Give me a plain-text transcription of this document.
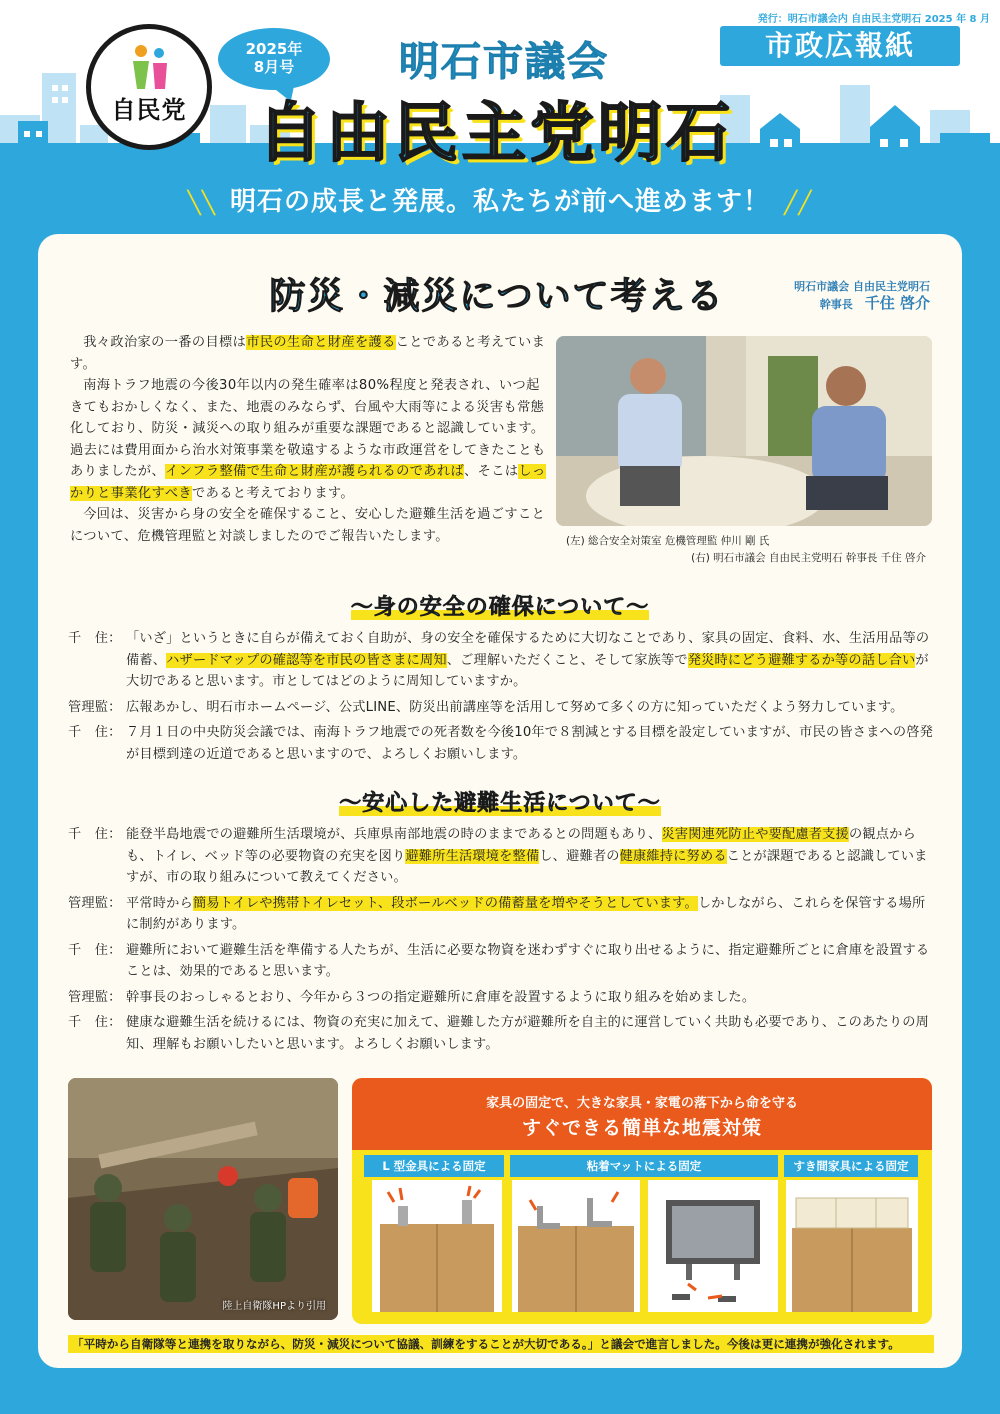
自民党
2025年
8月号	明石市議会
自由民主党明石
発行：明石市議会内 自由民主党明石 2025 年 8 月
市政広報紙
╲╲ 明石の成長と発展。私たちが前へ進めます！ ╱╱
防災・減災について考える	明石市議会 自由民主党明石
幹事長 千住 啓介

我々政治家の一番の目標は市民の生命と財産を護ることであると考えています。

南海トラフ地震の今後30年以内の発生確率は80%程度と発表され、いつ起きてもおかしくなく、また、地震のみならず、台風や大雨等による災害も常態化しており、防災・減災への取り組みが重要な課題であると認識しています。過去には費用面から治水対策事業を敬遠するような市政運営をしてきたこともありましたが、インフラ整備で生命と財産が護られるのであれば、そこはしっかりと事業化すべきであると考えております。

今回は、災害から身の安全を確保すること、安心した避難生活を過ごすことについて、危機管理監と対談しましたのでご報告いたします。	(左) 総合安全対策室 危機管理監 仲川 剛 氏
(右) 明石市議会 自由民主党明石 幹事長 千住 啓介
～身の安全の確保について～
千　住： 「いざ」というときに自らが備えておく自助が、身の安全を確保するために大切なことであり、家具の固定、食料、水、生活用品等の備蓄、ハザードマップの確認等を市民の皆さまに周知、ご理解いただくこと、そして家族等で発災時にどう避難するか等の話し合いが大切であると思います。市としてはどのように周知していますか。
管理監： 広報あかし、明石市ホームページ、公式LINE、防災出前講座等を活用して努めて多くの方に知っていただくよう努力しています。
千　住： ７月１日の中央防災会議では、南海トラフ地震での死者数を今後10年で８割減とする目標を設定していますが、市民の皆さまへの啓発が目標到達の近道であると思いますので、よろしくお願いします。
～安心した避難生活について～
千　住： 能登半島地震での避難所生活環境が、兵庫県南部地震の時のままであるとの問題もあり、災害関連死防止や要配慮者支援の観点からも、トイレ、ベッド等の必要物資の充実を図り避難所生活環境を整備し、避難者の健康維持に努めることが課題であると認識していますが、市の取り組みについて教えてください。
管理監： 平常時から簡易トイレや携帯トイレセット、段ボールベッドの備蓄量を増やそうとしています。しかしながら、これらを保管する場所に制約があります。
千　住： 避難所において避難生活を準備する人たちが、生活に必要な物資を迷わずすぐに取り出せるように、指定避難所ごとに倉庫を設置することは、効果的であると思います。
管理監： 幹事長のおっしゃるとおり、今年から３つの指定避難所に倉庫を設置するように取り組みを始めました。
千　住： 健康な避難生活を続けるには、物資の充実に加えて、避難した方が避難所を自主的に運営していく共助も必要であり、このあたりの周知、理解もお願いしたいと思います。よろしくお願いします。
陸上自衛隊HPより引用
家具の固定で、大きな家具・家電の落下から命を守る
すぐできる簡単な地震対策
L 型金具による固定	粘着マットによる固定	すき間家具による固定
「平時から自衛隊等と連携を取りながら、防災・減災について協議、訓練をすることが大切である。」と議会で進言しました。今後は更に連携が強化されます。
